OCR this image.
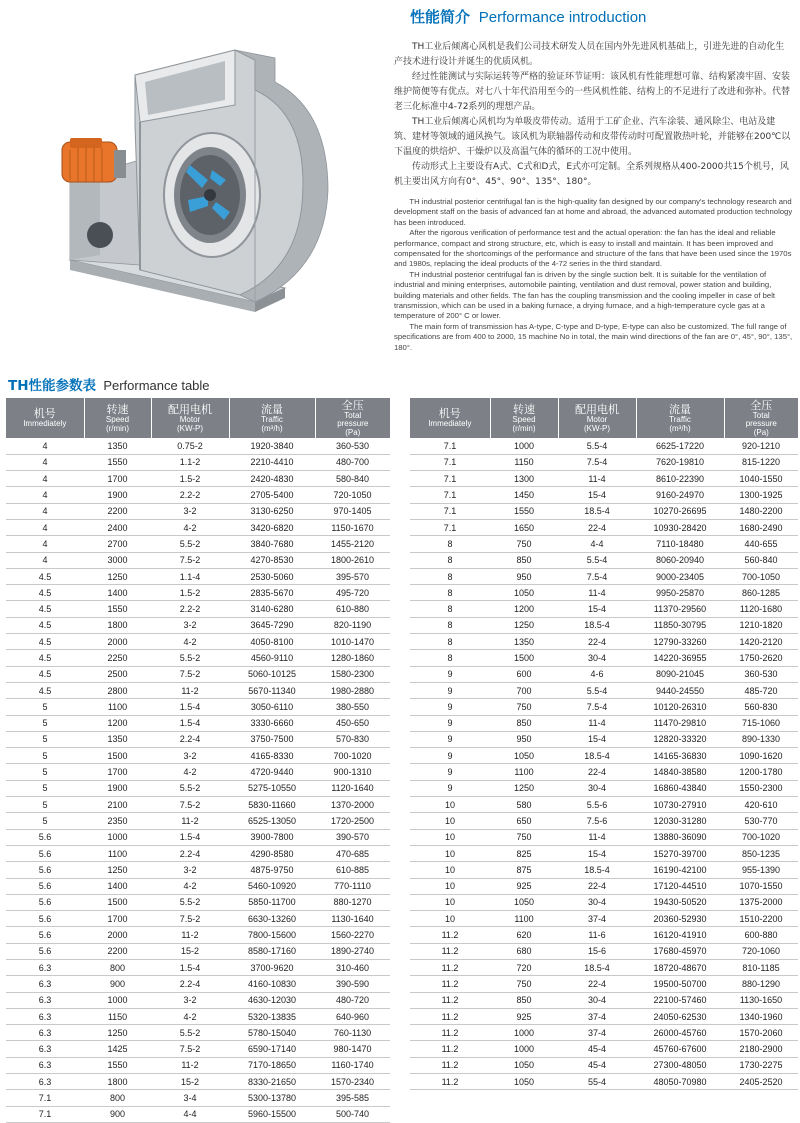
性能简介 Performance introduction

TH工业后倾离心风机是我们公司技术研发人员在国内外先进风机基础上，引进先进的自动化生产技术进行设计并诞生的优质风机。

经过性能测试与实际运转等严格的验证环节证明：该风机有性能理想可靠、结构紧凑牢固、安装维护简便等有优点。对七八十年代沿用至今的一些风机性能、结构上的不足进行了改进和弥补。代替老三化标准中4-72系列的理想产品。

TH工业后倾离心风机均为单吸皮带传动。适用于工矿企业、汽车涂装、通风除尘、电站及建筑、建材等领域的通风换气。该风机为联轴器传动和皮带传动时可配置散热叶轮，并能够在200℃以下温度的烘焙炉、干燥炉以及高温气体的循环的工况中使用。

传动形式上主要设有A式、C式和D式，E式亦可定制。全系列规格从400-2000共15个机号，风机主要出风方向有0°、45°、90°、135°、180°。

TH industrial posterior centrifugal fan is the high-quality fan designed by our company's technology research and development staff on the basis of advanced fan at home and abroad, the advanced automated production technology has been introduced.

After the rigorous verification of performance test and the actual operation: the fan has the ideal and reliable performance, compact and strong structure, etc, which is easy to install and maintain. It has been improved and compensated for the shortcomings of the performance and structure of the fans that have been used since the 1970s and 1980s, replacing the ideal products of the 4-72 series in the third standard.

TH industrial posterior centrifugal fan is driven by the single suction belt. It is suitable for the ventilation of industrial and mining enterprises, automobile painting, ventilation and dust removal, power station and building, building materials and other fields. The fan has the coupling transmission and the cooling impeller in case of belt transmission, which can be used in a baking furnace, a drying furnace, and a high-temperature cycle gas at a temperature of 200° C or lower.

The main form of transmission has A-type, C-type and D-type, E-type can also be customized. The full range of specifications are from 400 to 2000, 15 machine No in total, the main wind directions of the fan are 0°, 45°, 90°, 135°, 180°.

TH性能参数表 Performance table
机号
Immediately	转速
Speed
(r/min)	配用电机
Motor
(KW-P)	流量
Traffic
(m³/h)	全压
Total
pressure
(Pa)

4	1350	0.75-2	1920-3840	360-530
4	1550	1.1-2	2210-4410	480-700
4	1700	1.5-2	2420-4830	580-840
4	1900	2.2-2	2705-5400	720-1050
4	2200	3-2	3130-6250	970-1405
4	2400	4-2	3420-6820	1150-1670
4	2700	5.5-2	3840-7680	1455-2120
4	3000	7.5-2	4270-8530	1800-2610
4.5	1250	1.1-4	2530-5060	395-570
4.5	1400	1.5-2	2835-5670	495-720
4.5	1550	2.2-2	3140-6280	610-880
4.5	1800	3-2	3645-7290	820-1190
4.5	2000	4-2	4050-8100	1010-1470
4.5	2250	5.5-2	4560-9110	1280-1860
4.5	2500	7.5-2	5060-10125	1580-2300
4.5	2800	11-2	5670-11340	1980-2880
5	1100	1.5-4	3050-6110	380-550
5	1200	1.5-4	3330-6660	450-650
5	1350	2.2-4	3750-7500	570-830
5	1500	3-2	4165-8330	700-1020
5	1700	4-2	4720-9440	900-1310
5	1900	5.5-2	5275-10550	1120-1640
5	2100	7.5-2	5830-11660	1370-2000
5	2350	11-2	6525-13050	1720-2500
5.6	1000	1.5-4	3900-7800	390-570
5.6	1100	2.2-4	4290-8580	470-685
5.6	1250	3-2	4875-9750	610-885
5.6	1400	4-2	5460-10920	770-1110
5.6	1500	5.5-2	5850-11700	880-1270
5.6	1700	7.5-2	6630-13260	1130-1640
5.6	2000	11-2	7800-15600	1560-2270
5.6	2200	15-2	8580-17160	1890-2740
6.3	800	1.5-4	3700-9620	310-460
6.3	900	2.2-4	4160-10830	390-590
6.3	1000	3-2	4630-12030	480-720
6.3	1150	4-2	5320-13835	640-960
6.3	1250	5.5-2	5780-15040	760-1130
6.3	1425	7.5-2	6590-17140	980-1470
6.3	1550	11-2	7170-18650	1160-1740
6.3	1800	15-2	8330-21650	1570-2340
7.1	800	3-4	5300-13780	395-585
7.1	900	4-4	5960-15500	500-740
机号
Immediately	转速
Speed
(r/min)	配用电机
Motor
(KW-P)	流量
Traffic
(m³/h)	全压
Total
pressure
(Pa)

7.1	1000	5.5-4	6625-17220	920-1210
7.1	1150	7.5-4	7620-19810	815-1220
7.1	1300	11-4	8610-22390	1040-1550
7.1	1450	15-4	9160-24970	1300-1925
7.1	1550	18.5-4	10270-26695	1480-2200
7.1	1650	22-4	10930-28420	1680-2490
8	750	4-4	7110-18480	440-655
8	850	5.5-4	8060-20940	560-840
8	950	7.5-4	9000-23405	700-1050
8	1050	11-4	9950-25870	860-1285
8	1200	15-4	11370-29560	1120-1680
8	1250	18.5-4	11850-30795	1210-1820
8	1350	22-4	12790-33260	1420-2120
8	1500	30-4	14220-36955	1750-2620
9	600	4-6	8090-21045	360-530
9	700	5.5-4	9440-24550	485-720
9	750	7.5-4	10120-26310	560-830
9	850	11-4	11470-29810	715-1060
9	950	15-4	12820-33320	890-1330
9	1050	18.5-4	14165-36830	1090-1620
9	1100	22-4	14840-38580	1200-1780
9	1250	30-4	16860-43840	1550-2300
10	580	5.5-6	10730-27910	420-610
10	650	7.5-6	12030-31280	530-770
10	750	11-4	13880-36090	700-1020
10	825	15-4	15270-39700	850-1235
10	875	18.5-4	16190-42100	955-1390
10	925	22-4	17120-44510	1070-1550
10	1050	30-4	19430-50520	1375-2000
10	1100	37-4	20360-52930	1510-2200
11.2	620	11-6	16120-41910	600-880
11.2	680	15-6	17680-45970	720-1060
11.2	720	18.5-4	18720-48670	810-1185
11.2	750	22-4	19500-50700	880-1290
11.2	850	30-4	22100-57460	1130-1650
11.2	925	37-4	24050-62530	1340-1960
11.2	1000	37-4	26000-45760	1570-2060
11.2	1000	45-4	45760-67600	2180-2900
11.2	1050	45-4	27300-48050	1730-2275
11.2	1050	55-4	48050-70980	2405-2520
